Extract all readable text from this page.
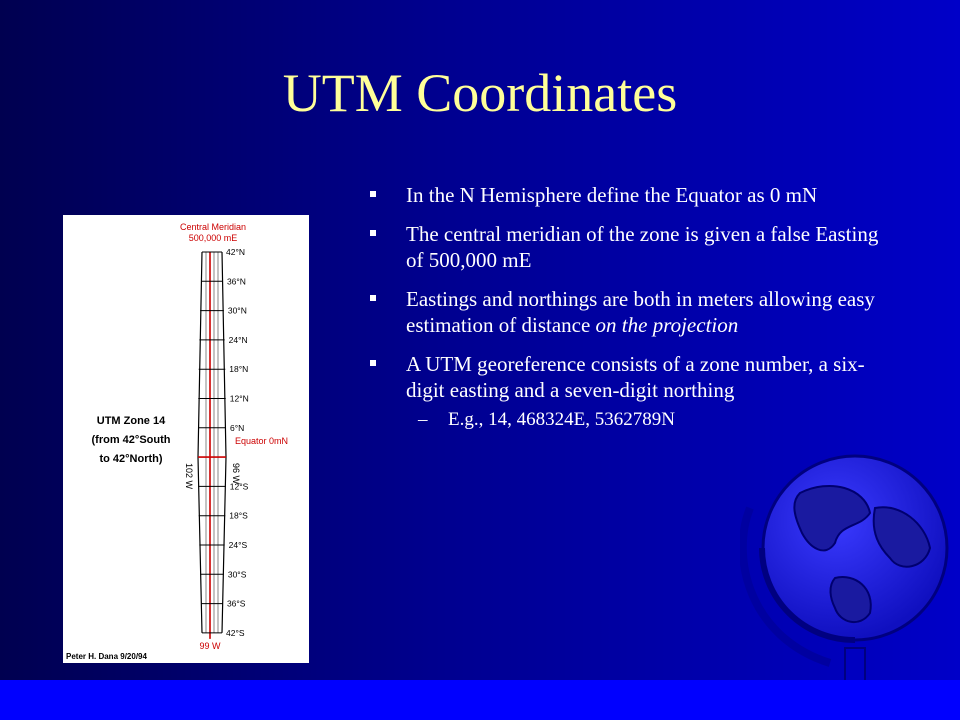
UTM Coordinates
Central Meridian
500,000 mE
UTM Zone 14
(from 42°South
to 42°North)
Equator 0mN
102 W	96 W
99 W
Peter H. Dana 9/20/94
42°N
36°N
30°N
24°N
18°N
12°N
6°N
12°S
18°S
24°S
30°S
36°S
42°S
In the N Hemisphere define the Equator as 0 mN
The central meridian of the zone is given a false Easting of 500,000 mE
Eastings and northings are both in meters allowing easy estimation of distance on the projection
A UTM georeference consists of a zone number, a six-digit easting and a seven-digit northing
– E.g., 14, 468324E, 5362789N
